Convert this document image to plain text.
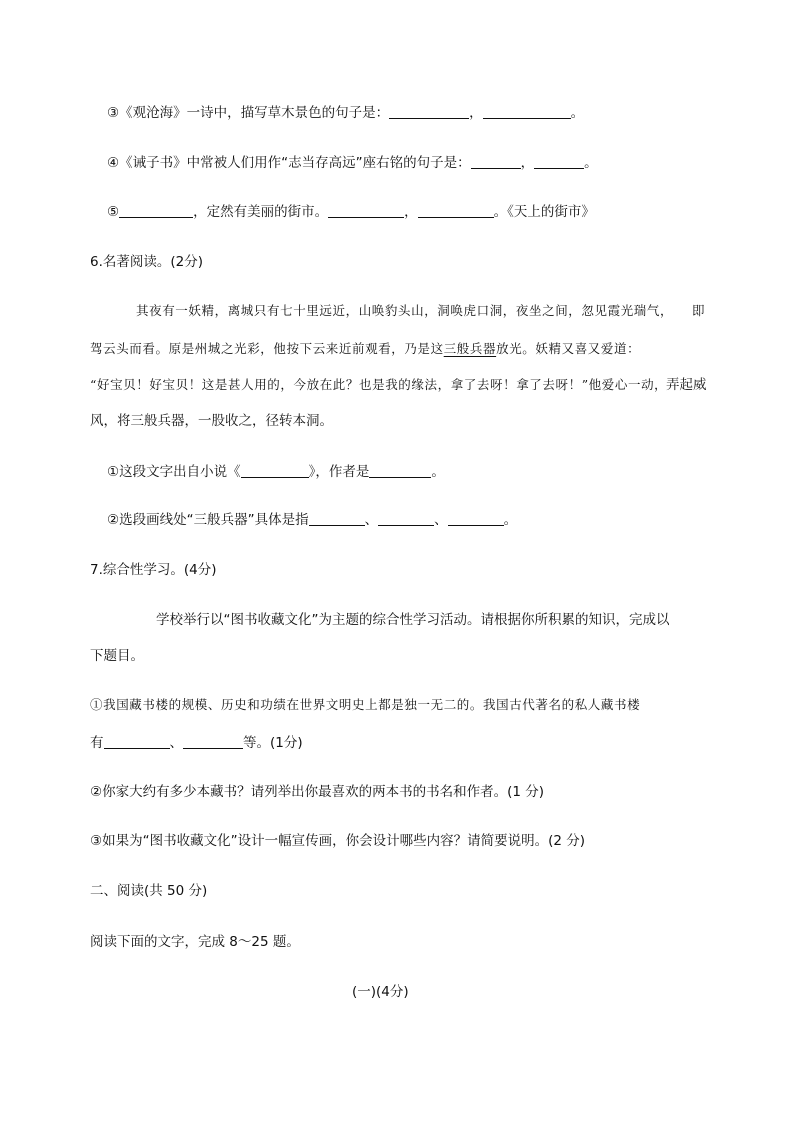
③《观沧海》一诗中，描写草木景色的句子是：	，	。
④《诫子书》中常被人们用作“志当存高远”座右铭的句子是：	，	。
⑤	，定然有美丽的街市。	，	。《天上的街市》
6.名著阅读。(2分)
其夜有一妖精，离城只有七十里远近，山唤豹头山，洞唤虎口洞，夜坐之间，忽见霞光瑞气， 即
驾云头而看。原是州城之光彩，他按下云来近前观看，乃是这三般兵器放光。妖精又喜又爱道：
“好宝贝！好宝贝！这是甚人用的，今放在此？也是我的缘法，拿了去呀！拿了去呀！”他爱心一动，
弄起威
风，将三般兵器，一股收之，径转本洞。
①这段文字出自小说《	》，作者是	。
②选段画线处“三般兵器”具体是指	、	、	。
7.综合性学习。(4分)
学校举行以“图书收藏文化”为主题的综合性学习活动。请根据你所积累的知识，完成以
下题目。
①我国藏书楼的规模、历史和功绩在世界文明史上都是独一无二的。我国古代著名的私人藏书楼
有	、	等。(1分)
②你家大约有多少本藏书？请列举出你最喜欢的两本书的书名和作者。(1 分)
③如果为“图书收藏文化”设计一幅宣传画，你会设计哪些内容？请简要说明。(2 分)
二、阅读(共 50 分)
阅读下面的文字，完成 8～25 题。
(一)(4分)
